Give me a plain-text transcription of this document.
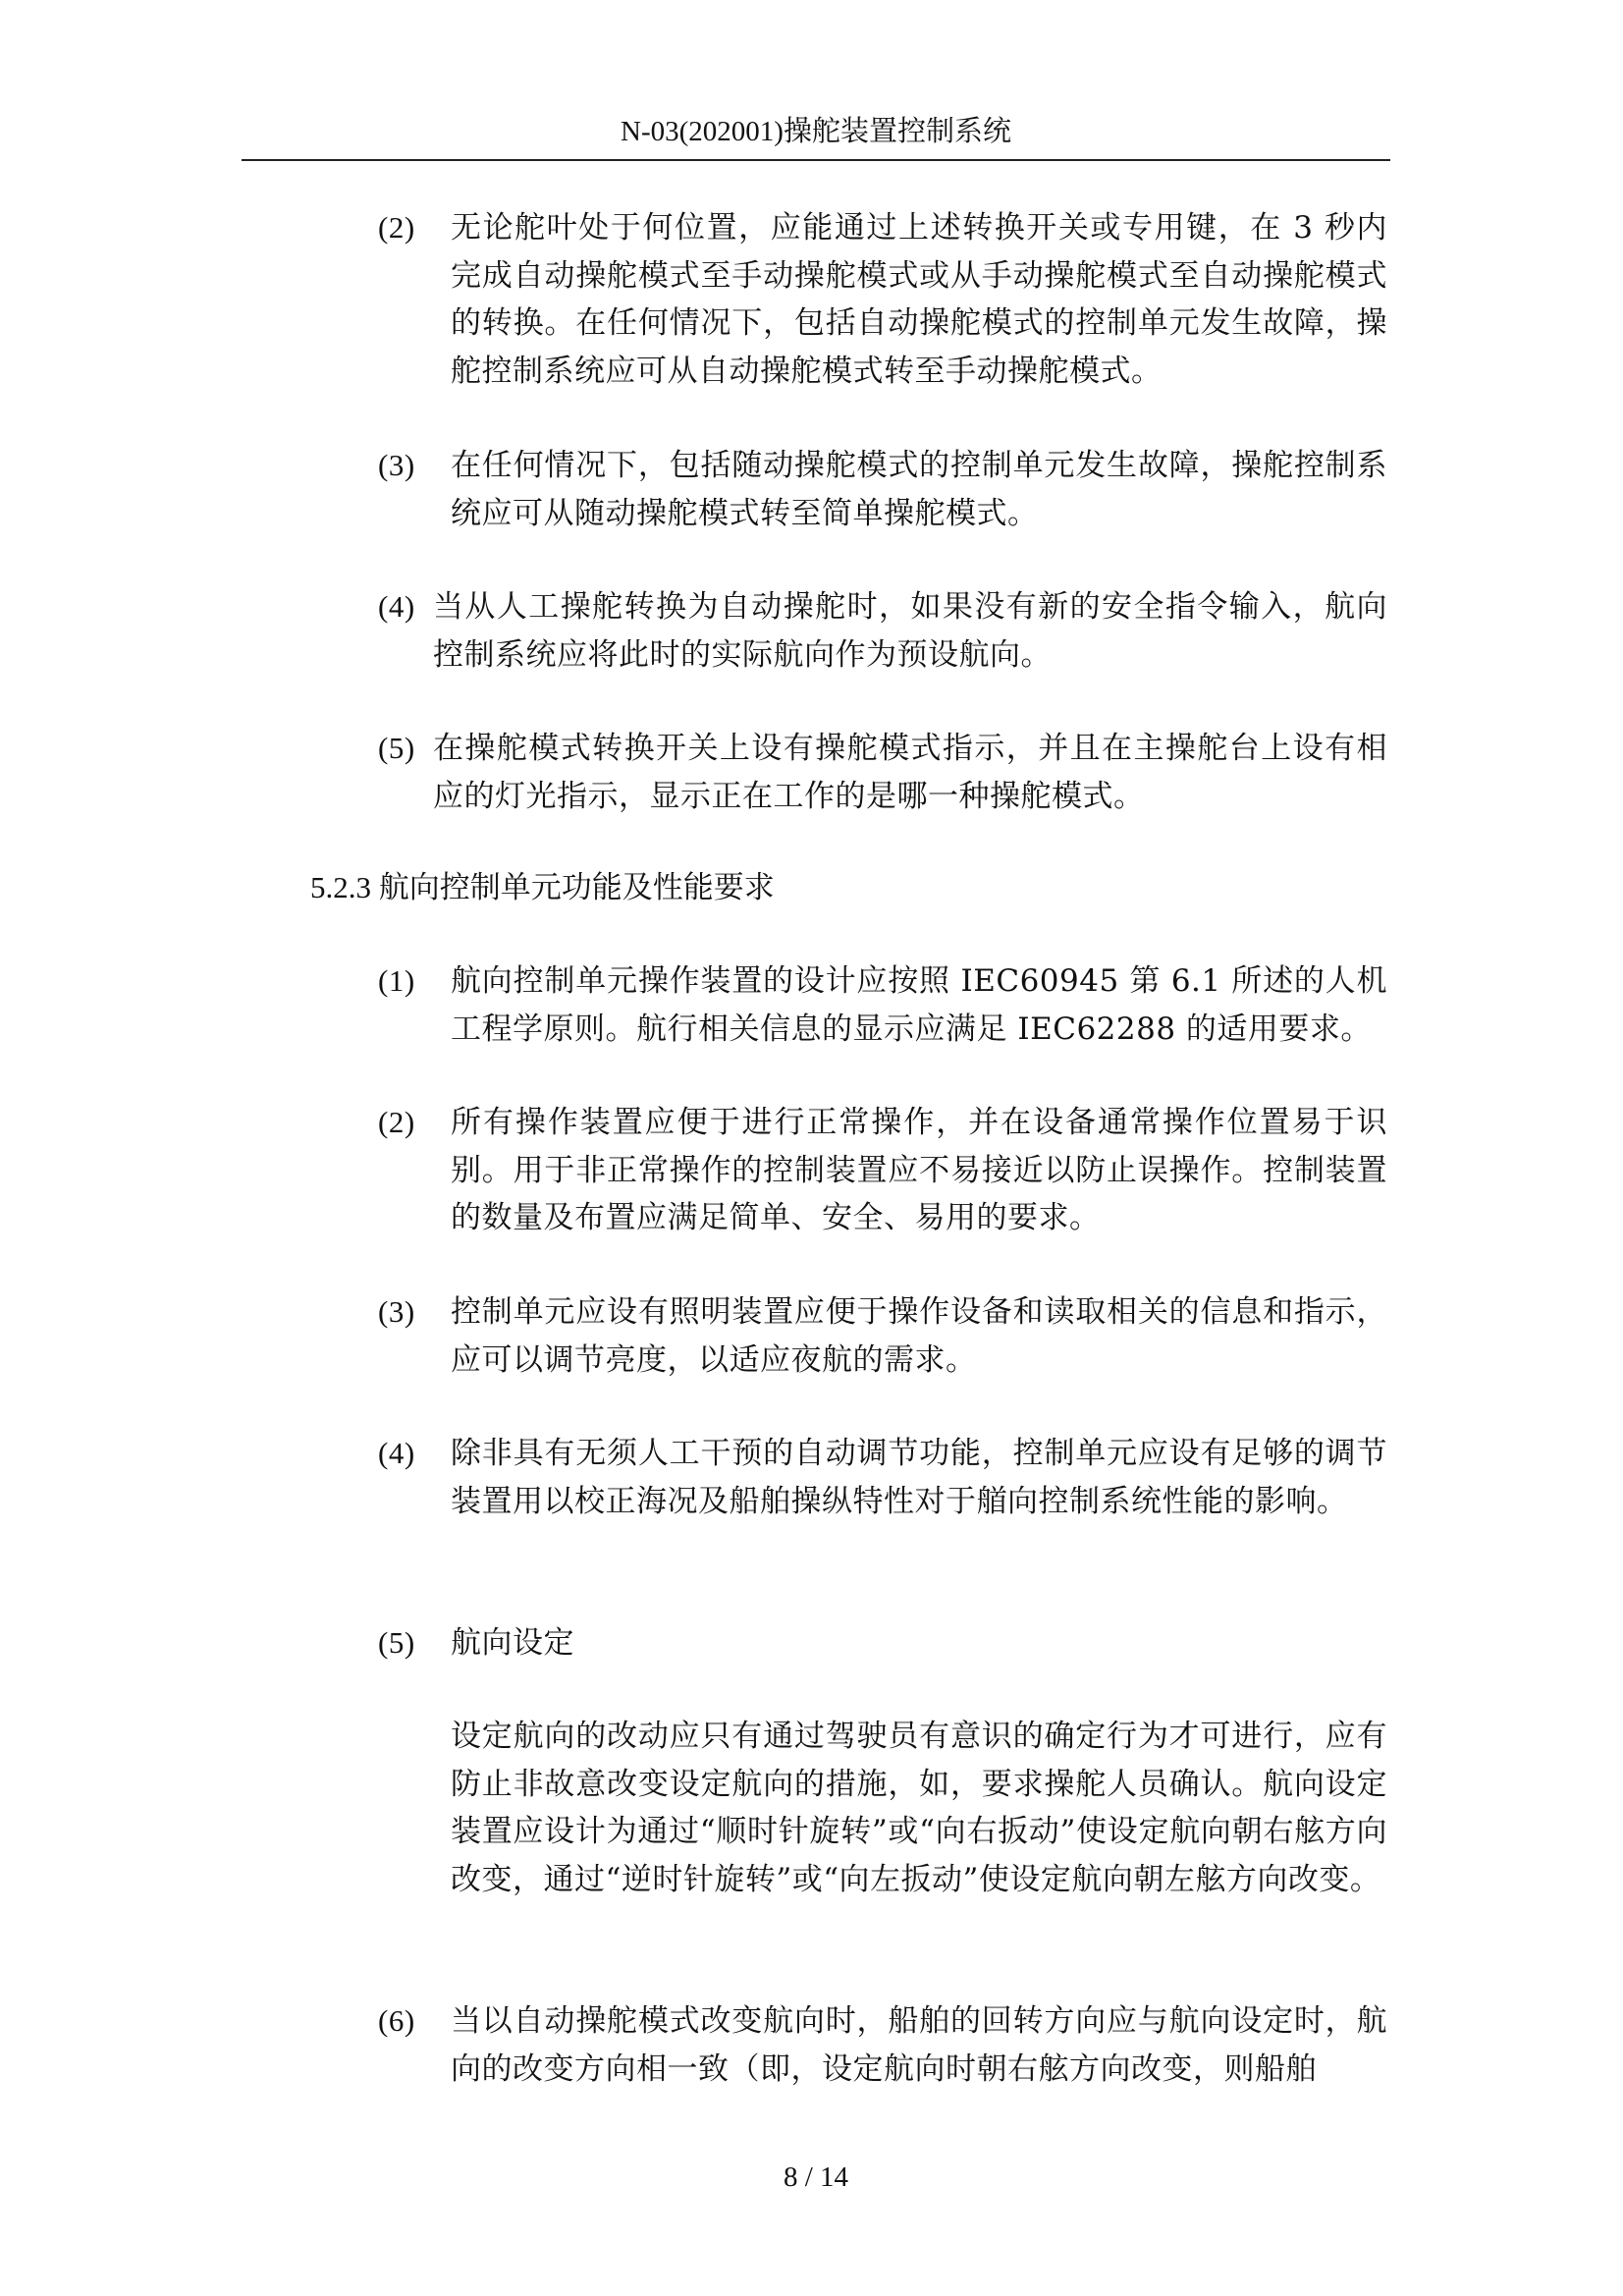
N-03(202001)操舵装置控制系统
(2) 无论舵叶处于何位置，应能通过上述转换开关或专用键，在 3 秒内完成自动操舵模式至手动操舵模式或从手动操舵模式至自动操舵模式的转换。在任何情况下，包括自动操舵模式的控制单元发生故障，操舵控制系统应可从自动操舵模式转至手动操舵模式。
(3) 在任何情况下，包括随动操舵模式的控制单元发生故障，操舵控制系统应可从随动操舵模式转至简单操舵模式。
(4) 当从人工操舵转换为自动操舵时，如果没有新的安全指令输入，航向控制系统应将此时的实际航向作为预设航向。
(5) 在操舵模式转换开关上设有操舵模式指示，并且在主操舵台上设有相应的灯光指示，显示正在工作的是哪一种操舵模式。
5.2.3 航向控制单元功能及性能要求
(1) 航向控制单元操作装置的设计应按照 IEC60945 第 6.1 所述的人机工程学原则。航行相关信息的显示应满足 IEC62288 的适用要求。
(2) 所有操作装置应便于进行正常操作，并在设备通常操作位置易于识别。用于非正常操作的控制装置应不易接近以防止误操作。控制装置的数量及布置应满足简单、安全、易用的要求。
(3) 控制单元应设有照明装置应便于操作设备和读取相关的信息和指示，应可以调节亮度，以适应夜航的需求。
(4) 除非具有无须人工干预的自动调节功能，控制单元应设有足够的调节装置用以校正海况及船舶操纵特性对于艏向控制系统性能的影响。
(5) 航向设定
设定航向的改动应只有通过驾驶员有意识的确定行为才可进行，应有防止非故意改变设定航向的措施，如，要求操舵人员确认。航向设定装置应设计为通过“顺时针旋转”或“向右扳动”使设定航向朝右舷方向改变，通过“逆时针旋转”或“向左扳动”使设定航向朝左舷方向改变。
(6) 当以自动操舵模式改变航向时，船舶的回转方向应与航向设定时，航向的改变方向相一致（即，设定航向时朝右舷方向改变，则船舶
8 / 14
